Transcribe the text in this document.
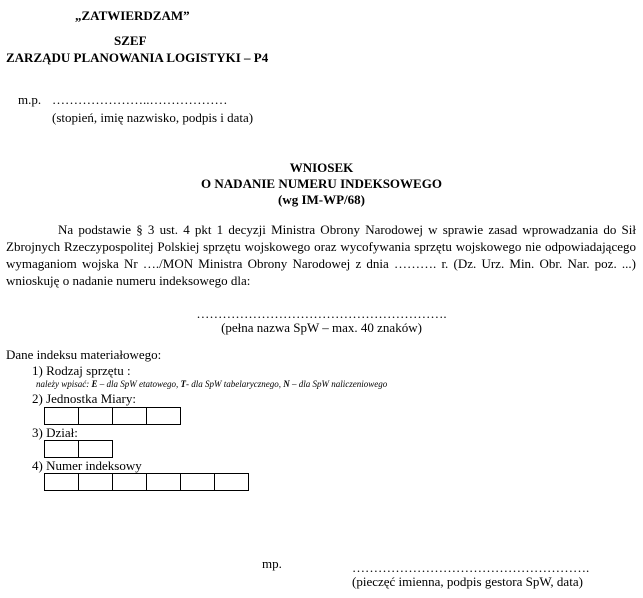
„ZATWIERDZAM”
SZEF
ZARZĄDU PLANOWANIA LOGISTYKI – P4
m.p. …………………..………………
(stopień, imię nazwisko, podpis i data)
WNIOSEK
O NADANIE NUMERU INDEKSOWEGO
(wg IM-WP/68)
Na podstawie § 3 ust. 4 pkt 1 decyzji Ministra Obrony Narodowej w sprawie zasad wprowadzania do Sił Zbrojnych Rzeczypospolitej Polskiej sprzętu wojskowego oraz wycofywania sprzętu wojskowego nie odpowiadającego wymaganiom wojska Nr …./MON Ministra Obrony Narodowej z dnia ………. r. (Dz. Urz. Min. Obr. Nar. poz. ...) wnioskuję o nadanie numeru indeksowego dla:
………………………………………………….
(pełna nazwa SpW – max. 40 znaków)
Dane indeksu materiałowego:
1) Rodzaj sprzętu :
należy wpisać: E – dla SpW etatowego, T- dla SpW tabelarycznego, N – dla SpW naliczeniowego
2) Jednostka Miary:
3) Dział:
4) Numer indeksowy
mp.	……………………………………………….
(pieczęć imienna, podpis gestora SpW, data)
